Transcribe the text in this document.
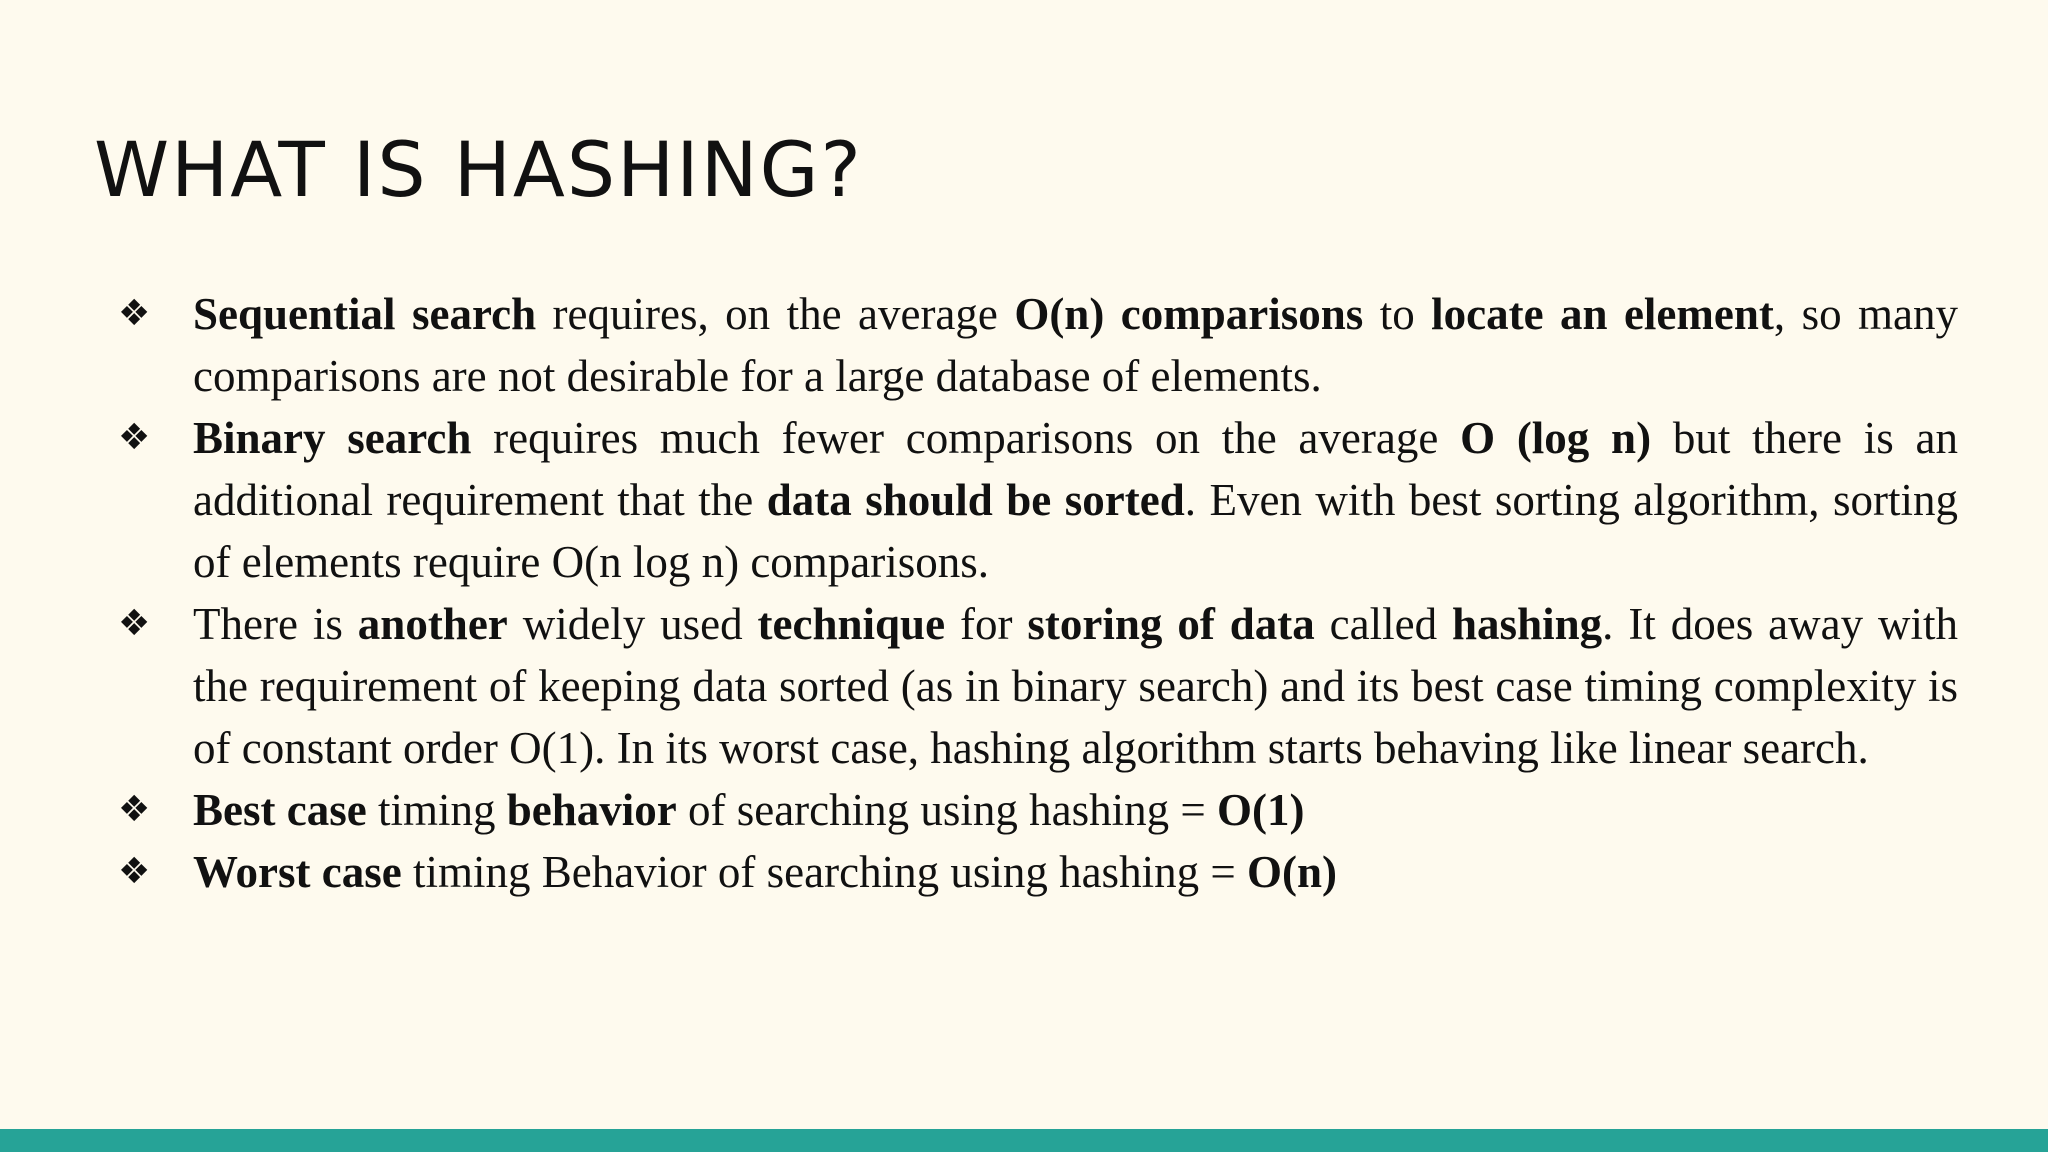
WHAT IS HASHING?
❖ Sequential search requires, on the average O(n) comparisons to locate an element, so many comparisons are not desirable for a large database of elements.
❖ Binary search requires much fewer comparisons on the average O (log n) but there is an additional requirement that the data should be sorted. Even with best sorting algorithm, sorting of elements require O(n log n) comparisons.
❖ There is another widely used technique for storing of data called hashing. It does away with the requirement of keeping data sorted (as in binary search) and its best case timing complexity is of constant order O(1). In its worst case, hashing algorithm starts behaving like linear search.
❖ Best case timing behavior of searching using hashing = O(1)
❖ Worst case timing Behavior of searching using hashing = O(n)
